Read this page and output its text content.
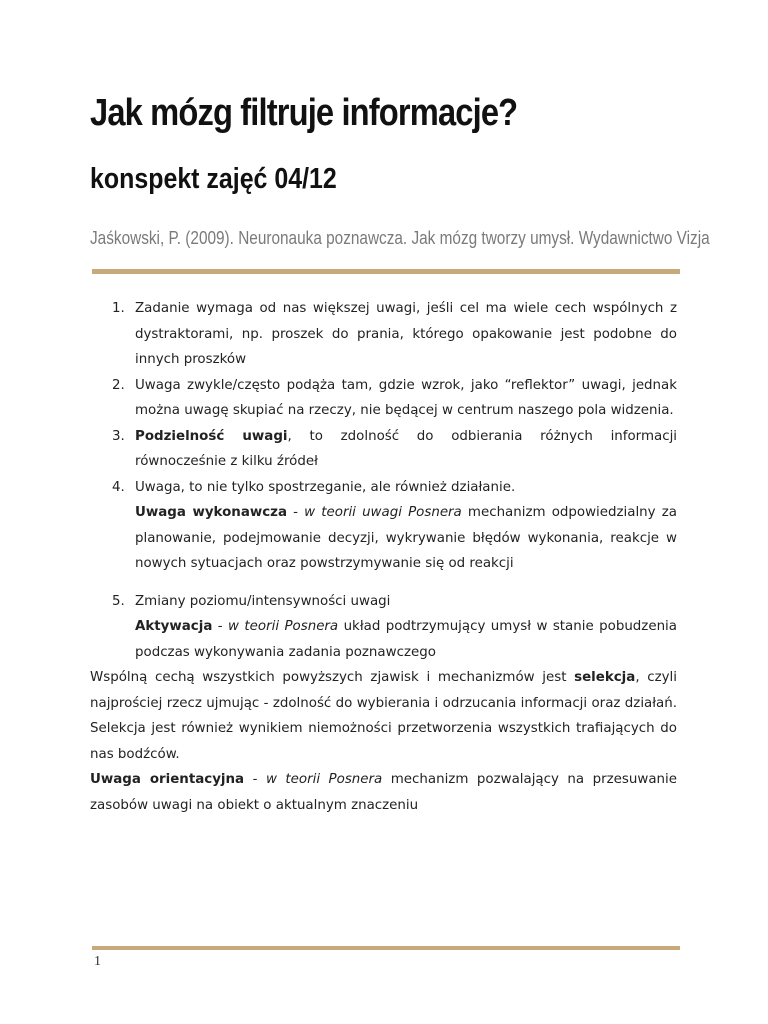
Jak mózg filtruje informacje?
konspekt zajęć 04/12

Jaśkowski, P. (2009). Neuronauka poznawcza. Jak mózg tworzy umysł. Wydawnictwo Vizja

1. Zadanie wymaga od nas większej uwagi, jeśli cel ma wiele cech wspólnych z dystraktorami, np. proszek do prania, którego opakowanie jest podobne do innych proszków
2. Uwaga zwykle/często podąża tam, gdzie wzrok, jako “reflektor” uwagi, jednak można uwagę skupiać na rzeczy, nie będącej w centrum naszego pola widzenia.
3. Podzielność uwagi, to zdolność do odbierania różnych informacji równocześnie z kilku źródeł
4. Uwaga, to nie tylko spostrzeganie, ale również działanie.

Uwaga wykonawcza - w teorii uwagi Posnera mechanizm odpowiedzialny za planowanie, podejmowanie decyzji, wykrywanie błędów wykonania, reakcje w nowych sytuacjach oraz powstrzymywanie się od reakcji

5. Zmiany poziomu/intensywności uwagi

Aktywacja - w teorii Posnera układ podtrzymujący umysł w stanie pobudzenia podczas wykonywania zadania poznawczego

Wspólną cechą wszystkich powyższych zjawisk i mechanizmów jest selekcja, czyli najprościej rzecz ujmując - zdolność do wybierania i odrzucania informacji oraz działań. Selekcja jest również wynikiem niemożności przetworzenia wszystkich trafiających do nas bodźców.

Uwaga orientacyjna - w teorii Posnera mechanizm pozwalający na przesuwanie zasobów uwagi na obiekt o aktualnym znaczeniu

1
